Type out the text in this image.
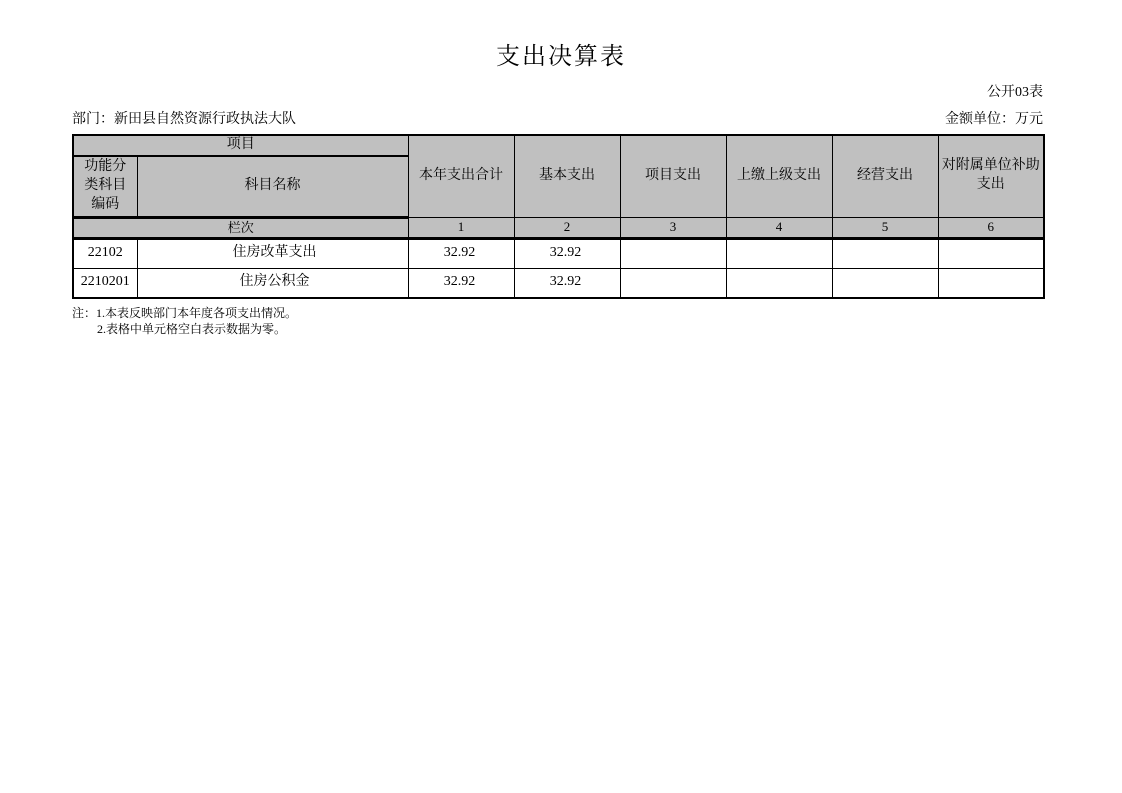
支出决算表
公开03表
部门：新田县自然资源行政执法大队	金额单位：万元
项目		本年支出合计	基本支出	项目支出	上缴上级支出	经营支出	对附属单位补助支出
功能分类科目编码	科目名称						
栏次		1	2	3	4	5	6
22102	住房改革支出	32.92	32.92				
2210201	住房公积金	32.92	32.92				
注：1.本表反映部门本年度各项支出情况。
2.表格中单元格空白表示数据为零。
